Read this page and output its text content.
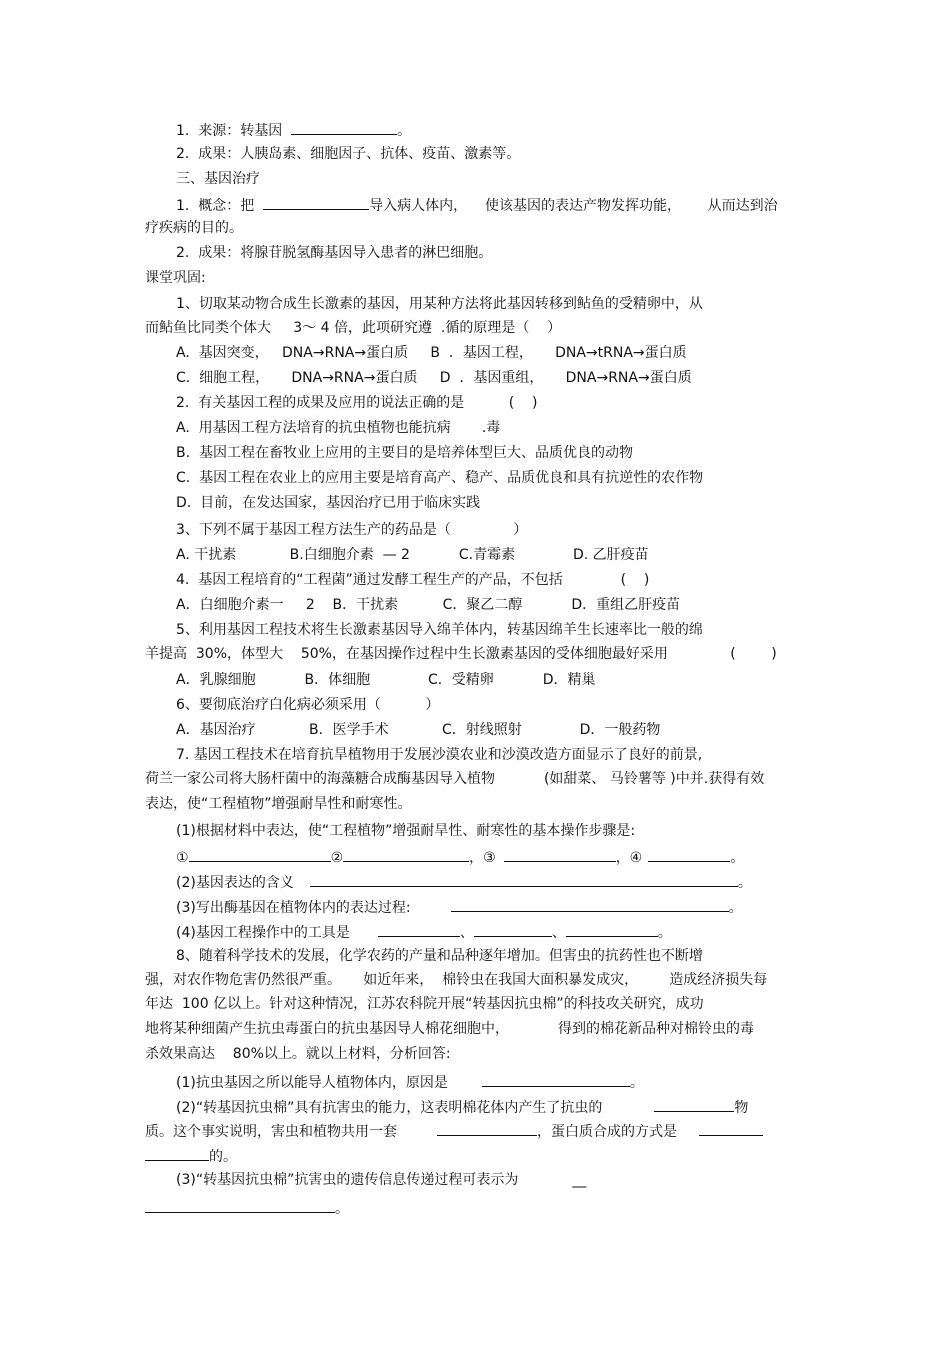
1.  来源：转基因	。
2.  成果：人胰岛素、细胞因子、抗体、疫苗、激素等。
三、基因治疗
1.  概念：把	导入病人体内，    使该基因的表达产物发挥功能，      从而达到治
疗疾病的目的。
2.  成果：将腺苷脱氢酶基因导入患者的淋巴细胞。
课堂巩固:
1、切取某动物合成生长激素的基因，用某种方法将此基因转移到鲇鱼的受精卵中，从
而鲇鱼比同类个体大     3～ 4 倍，此项研究遵  .循的原理是（    ）
A.  基因突变，   DNA→RNA→蛋白质     B  ．基因工程，     DNA→tRNA→蛋白质
C.  细胞工程，     DNA→RNA→蛋白质     D  ．基因重组，     DNA→RNA→蛋白质
2.  有关基因工程的成果及应用的说法正确的是          (    )
A.  用基因工程方法培育的抗虫植物也能抗病       .毒
B.  基因工程在畜牧业上应用的主要目的是培养体型巨大、品质优良的动物
C.  基因工程在农业上的应用主要是培育高产、稳产、品质优良和具有抗逆性的农作物
D.  目前，在发达国家，基因治疗已用于临床实践
3、下列不属于基因工程方法生产的药品是（              ）
A. 干扰素            B.白细胞介素  — 2           C.青霉素             D. 乙肝疫苗
4.  基因工程培育的“工程菌”通过发酵工程生产的产品，不包括             (    )
A．白细胞介素一     2    B．干扰素          C．聚乙二醇           D．重组乙肝疫苗
5、利用基因工程技术将生长激素基因导入绵羊体内，转基因绵羊生长速率比一般的绵
羊提高  30%，体型大    50%，在基因操作过程中生长激素基因的受体细胞最好采用              (        )
A．乳腺细胞           B．体细胞             C．受精卵           D．精巢
6、要彻底治疗白化病必须采用（          ）
A．基因治疗            B．医学手术            C．射线照射             D．一般药物
7. 基因工程技术在培育抗旱植物用于发展沙漠农业和沙漠改造方面显示了良好的前景,
荷兰一家公司将大肠杆菌中的海藻糖合成酶基因导入植物           (如甜菜、 马铃薯等 )中并.获得有效
表达，使“工程植物”增强耐旱性和耐寒性。
(1)根据材料中表达，使“工程植物”增强耐旱性、耐寒性的基本操作步骤是:
①	②	，③	，④	。
(2)基因表达的含义	。
(3)写出酶基因在植物体内的表达过程:	。
(4)基因工程操作中的工具是	、	、	。
8、随着科学技术的发展，化学农药的产量和品种逐年增加。但害虫的抗药性也不断增
强，对农作物危害仍然很严重。     如近年来，  棉铃虫在我国大面积暴发成灾，       造成经济损失每
年达  100 亿以上。针对这种情况，江苏农科院开展“转基因抗虫棉”的科技攻关研究，成功
地将某种细菌产生抗虫毒蛋白的抗虫基因导人棉花细胞中，           得到的棉花新品种对棉铃虫的毒
杀效果高达    80%以上。就以上材料，分析回答:
(1)抗虫基因之所以能导人植物体内，原因是	。
(2)“转基因抗虫棉”具有抗害虫的能力，这表明棉花体内产生了抗虫的	物
质。这个事实说明，害虫和植物共用一套	，蛋白质合成的方式是
的。
(3)“转基因抗虫棉”抗害虫的遗传信息传递过程可表示为	__
。
